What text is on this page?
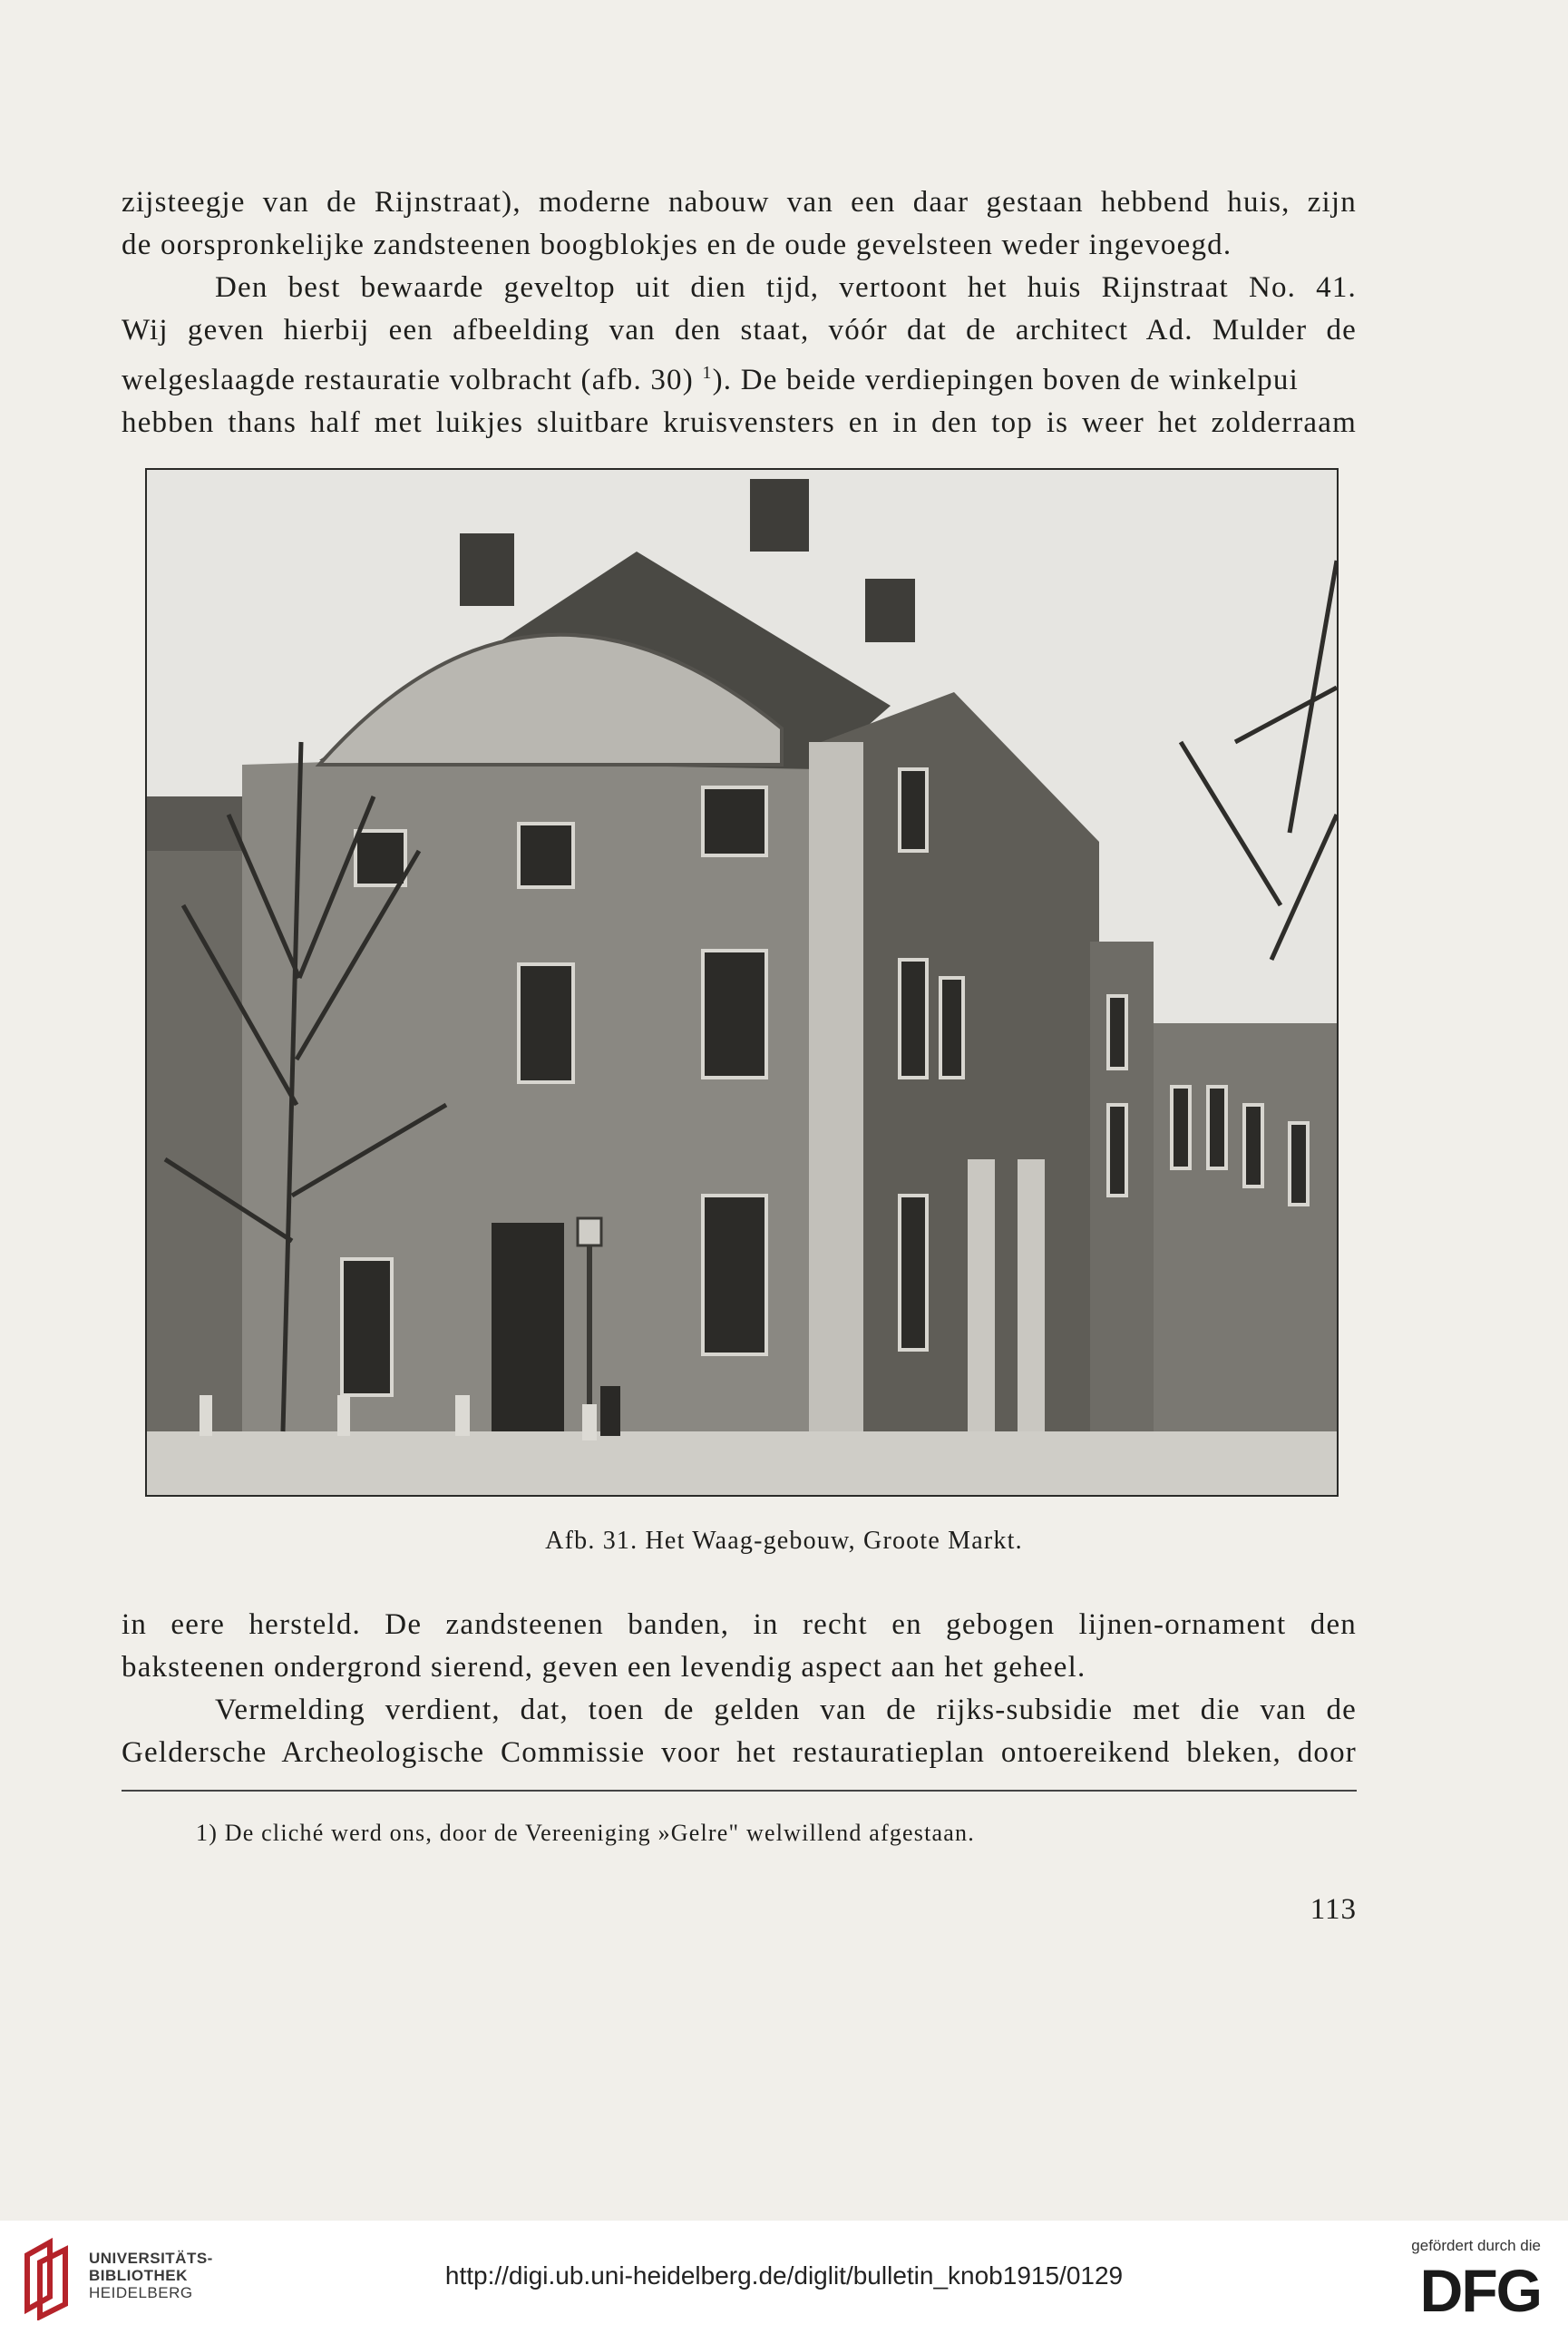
zijsteegje van de Rijnstraat), moderne nabouw van een daar gestaan hebbend huis, zijn
de oorspronkelijke zandsteenen boogblokjes en de oude gevelsteen weder ingevoegd.
Den best bewaarde geveltop uit dien tijd, vertoont het huis Rijnstraat No. 41.
Wij geven hierbij een afbeelding van den staat, vóór dat de architect Ad. Mulder de
welgeslaagde restauratie volbracht (afb. 30) $^1$). De beide verdiepingen boven de winkelpui
hebben thans half met luikjes sluitbare kruisvensters en in den top is weer het zolderraam
Afb. 31. Het Waag-gebouw, Groote Markt.
in eere hersteld. De zandsteenen banden, in recht en gebogen lijnen-ornament den
baksteenen ondergrond sierend, geven een levendig aspect aan het geheel.
Vermelding verdient, dat, toen de gelden van de rijks-subsidie met die van de
Geldersche Archeologische Commissie voor het restauratieplan ontoereikend bleken, door
1) De cliché werd ons, door de Vereeniging »Gelre" welwillend afgestaan.
113
UNIVERSITÄTS-
BIBLIOTHEK
HEIDELBERG
http://digi.ub.uni-heidelberg.de/diglit/bulletin_knob1915/0129
gefördert durch die
DFG
